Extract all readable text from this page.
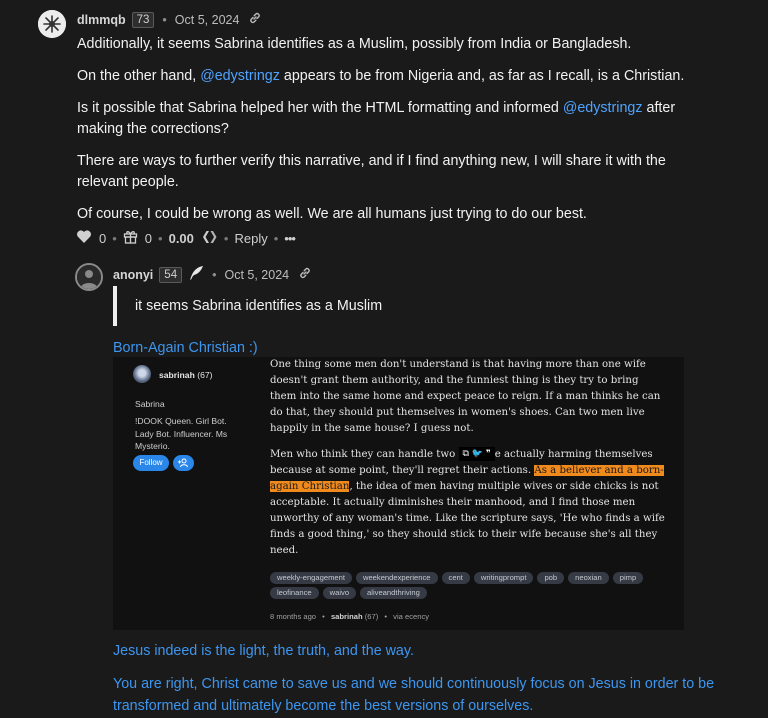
dlmmqb 73	• Oct 5, 2024

Additionally, it seems Sabrina identifies as a Muslim, possibly from India or Bangladesh.

On the other hand, @edystringz appears to be from Nigeria and, as far as I recall, is a Christian.

Is it possible that Sabrina helped her with the HTML formatting and informed @edystringz after making the corrections?

There are ways to further verify this narrative, and if I find anything new, I will share it with the relevant people.

Of course, I could be wrong as well. We are all humans just trying to do our best.

0 • 0 • 0.00 • Reply • •••
anonyi 54	• Oct 5, 2024
it seems Sabrina identifies as a Muslim
Born-Again Christian :)
sabrinah (67)
Sabrina
!DOOK Queen. Girl Bot. Lady Bot. Influencer. Ms Mysterio.
Follow

One thing some men don't understand is that having more than one wife doesn't grant them authority, and the funniest thing is they try to bring them into the same home and expect peace to reign. If a man thinks he can do that, they should put themselves in women's shoes. Can two men live happily in the same house? I guess not.

Men who think they can handle two ⧉ 🐦 ❞ e actually harming themselves because at some point, they'll regret their actions. As a believer and a born-again Christian, the idea of men having multiple wives or side chicks is not acceptable. It actually diminishes their manhood, and I find those men unworthy of any woman's time. Like the scripture says, 'He who finds a wife finds a good thing,' so they should stick to their wife because she's all they need.

weekly-engagement	weekendexperience	cent	writingprompt	pob	neoxian	pimp
leofinance	waivo	aliveandthriving
8 months ago • sabrinah (67) • via ecency
Jesus indeed is the light, the truth, and the way.
You are right, Christ came to save us and we should continuously focus on Jesus in order to be transformed and ultimately become the best versions of ourselves.
